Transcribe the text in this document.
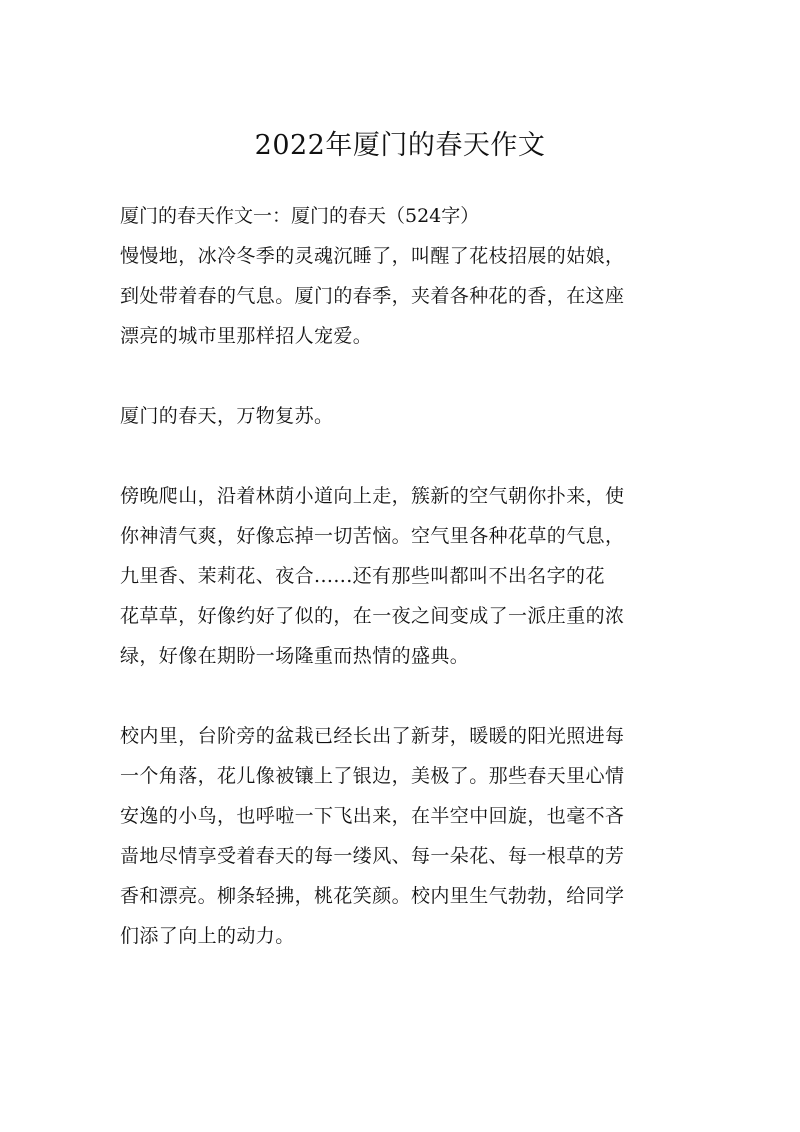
2022年厦门的春天作文
厦门的春天作文一：厦门的春天（524字）
慢慢地，冰冷冬季的灵魂沉睡了，叫醒了花枝招展的姑娘，
到处带着春的气息。厦门的春季，夹着各种花的香，在这座
漂亮的城市里那样招人宠爱。
厦门的春天，万物复苏。
傍晚爬山，沿着林荫小道向上走，簇新的空气朝你扑来，使
你神清气爽，好像忘掉一切苦恼。空气里各种花草的气息，
九里香、茉莉花、夜合......还有那些叫都叫不出名字的花
花草草，好像约好了似的，在一夜之间变成了一派庄重的浓
绿，好像在期盼一场隆重而热情的盛典。
校内里，台阶旁的盆栽已经长出了新芽，暖暖的阳光照进每
一个角落，花儿像被镶上了银边，美极了。那些春天里心情
安逸的小鸟，也呼啦一下飞出来，在半空中回旋，也毫不吝
啬地尽情享受着春天的每一缕风、每一朵花、每一根草的芳
香和漂亮。柳条轻拂，桃花笑颜。校内里生气勃勃，给同学
们添了向上的动力。
